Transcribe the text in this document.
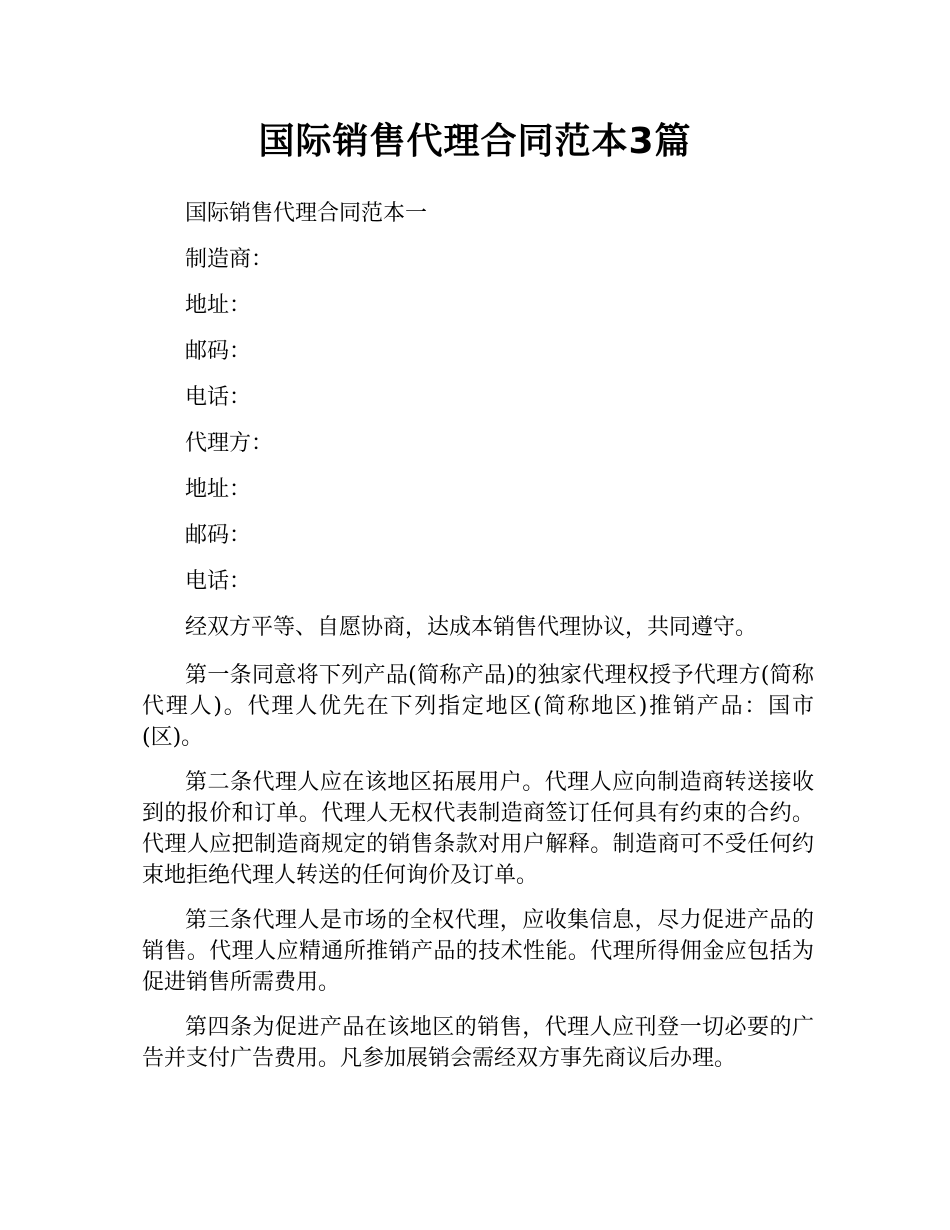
国际销售代理合同范本3篇

国际销售代理合同范本一

制造商：

地址：

邮码：

电话：

代理方：

地址：

邮码：

电话：

经双方平等、自愿协商，达成本销售代理协议，共同遵守。

第一条同意将下列产品(简称产品)的独家代理权授予代理方(简称代理人)。代理人优先在下列指定地区(简称地区)推销产品：国市(区)。

第二条代理人应在该地区拓展用户。代理人应向制造商转送接收到的报价和订单。代理人无权代表制造商签订任何具有约束的合约。代理人应把制造商规定的销售条款对用户解释。制造商可不受任何约束地拒绝代理人转送的任何询价及订单。

第三条代理人是市场的全权代理，应收集信息，尽力促进产品的销售。代理人应精通所推销产品的技术性能。代理所得佣金应包括为促进销售所需费用。

第四条为促进产品在该地区的销售，代理人应刊登一切必要的广告并支付广告费用。凡参加展销会需经双方事先商议后办理。
